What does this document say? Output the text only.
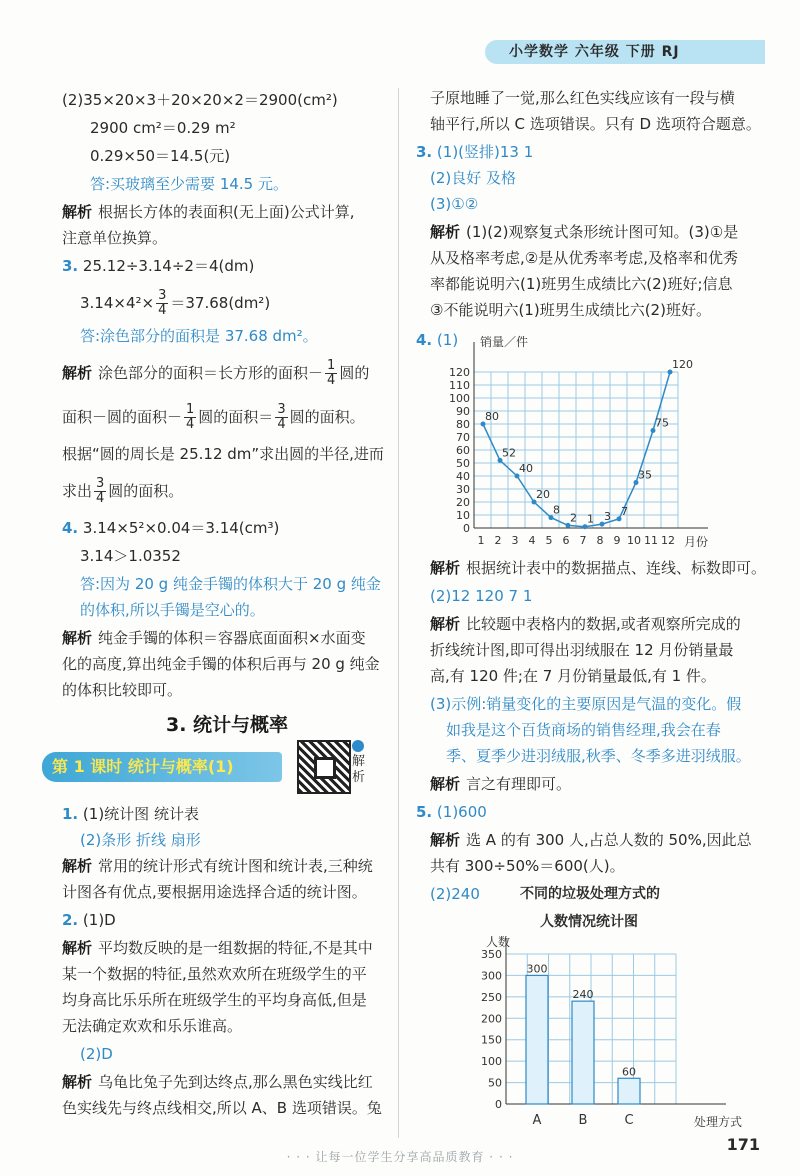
小学数学 六年级 下册 RJ
(2)35×20×3＋20×20×2＝2900(cm²)
2900 cm²＝0.29 m²
0.29×50＝14.5(元)
答:买玻璃至少需要 14.5 元。
解析 根据长方体的表面积(无上面)公式计算,
注意单位换算。
3. 25.12÷3.14÷2＝4(dm)
$3.14\times 4^2\times \frac{3}{4} =37.68(dm^2)$
答:涂色部分的面积是 37.68 dm²。
解析 涂色部分的面积＝长方形的面积－ $\frac{1}{4}$ 圆的
面积－圆的面积－ $\frac{1}{4}$ 圆的面积＝ $\frac{3}{4}$ 圆的面积。
根据“圆的周长是 25.12 dm”求出圆的半径,进而
求出 $\frac{3}{4}$ 圆的面积。
4. 3.14×5²×0.04＝3.14(cm³)
3.14＞1.0352
答:因为 20 g 纯金手镯的体积大于 20 g 纯金
的体积,所以手镯是空心的。
解析 纯金手镯的体积＝容器底面面积×水面变
化的高度,算出纯金手镯的体积后再与 20 g 纯金
的体积比较即可。
3. 统计与概率
第 1 课时 统计与概率(1)	解析
1. (1)统计图 统计表
(2)条形 折线 扇形
解析 常用的统计形式有统计图和统计表,三种统
计图各有优点,要根据用途选择合适的统计图。
2. (1)D
解析 平均数反映的是一组数据的特征,不是其中
某一个数据的特征,虽然欢欢所在班级学生的平
均身高比乐乐所在班级学生的平均身高低,但是
无法确定欢欢和乐乐谁高。
(2)D
解析 乌龟比兔子先到达终点,那么黑色实线比红
色实线先与终点线相交,所以 A、B 选项错误。兔
子原地睡了一觉,那么红色实线应该有一段与横
轴平行,所以 C 选项错误。只有 D 选项符合题意。
3. (1)(竖排)13 1
(2)良好 及格
(3)①②
解析 (1)(2)观察复式条形统计图可知。(3)①是
从及格率考虑,②是从优秀率考虑,及格率和优秀
率都能说明六(1)班男生成绩比六(2)班好;信息
③不能说明六(1)班男生成绩比六(2)班好。
4. (1)
0
10
20
30
40
50
60
70
80
90
100
110
120
销量／件
月份
1 2 3 4 5 6 7 8 9 10 11 12
80
52
40
20
8
2 1 3 7
35
75
120
解析 根据统计表中的数据描点、连线、标数即可。
(2)12 120 7 1
解析 比较题中表格内的数据,或者观察所完成的
折线统计图,即可得出羽绒服在 12 月份销量最
高,有 120 件;在 7 月份销量最低,有 1 件。
(3)示例:销量变化的主要原因是气温的变化。假
如我是这个百货商场的销售经理,我会在春
季、夏季少进羽绒服,秋季、冬季多进羽绒服。
解析 言之有理即可。
5. (1)600
解析 选 A 的有 300 人,占总人数的 50%,因此总
共有 300÷50%＝600(人)。
(2)240	不同的垃圾处理方式的
人数情况统计图
0
50
100
150
200
250
300
350
人数
处理方式
300
A
240
B
60
C
171
· · · 让每一位学生分享高品质教育 · · ·
